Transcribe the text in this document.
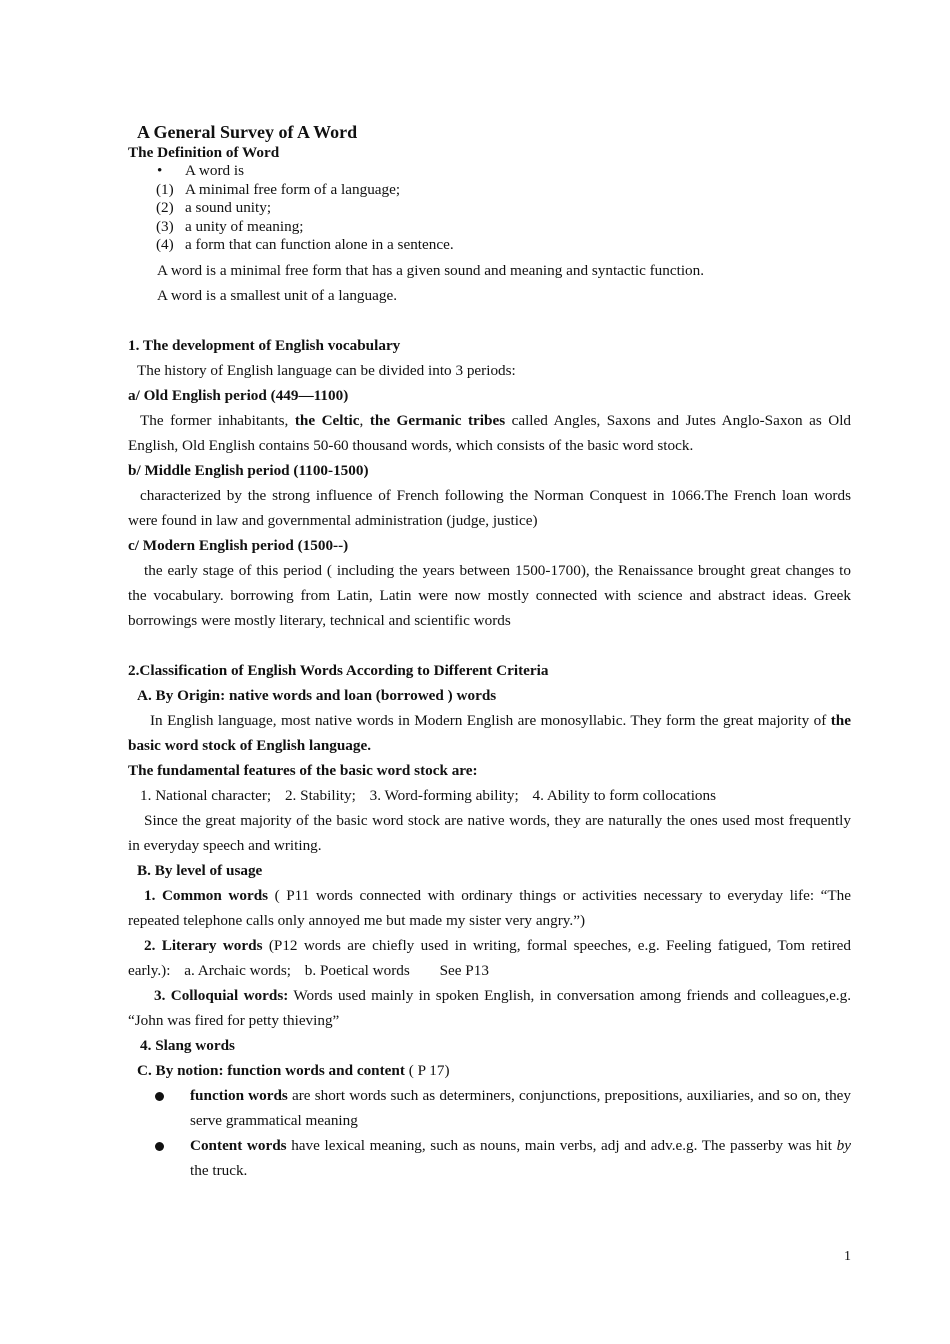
A General Survey of A Word
The Definition of Word
• A word is
(1) A minimal free form of a language;
(2) a sound unity;
(3) a unity of meaning;
(4) a form that can function alone in a sentence.
A word is a minimal free form that has a given sound and meaning and syntactic function.
A word is a smallest unit of a language.
1. The development of English vocabulary
The history of English language can be divided into 3 periods:
a/ Old English period (449—1100)
The former inhabitants, the Celtic, the Germanic tribes called Angles, Saxons and Jutes Anglo-Saxon as Old English, Old English contains 50-60 thousand words, which consists of the basic word stock.
b/ Middle English period (1100-1500)
characterized by the strong influence of French following the Norman Conquest in 1066.The French loan words were found in law and governmental administration (judge, justice)
c/ Modern English period (1500--)
the early stage of this period ( including the years between 1500-1700), the Renaissance brought great changes to the vocabulary. borrowing from Latin, Latin were now mostly connected with science and abstract ideas. Greek borrowings were mostly literary, technical and scientific words
2.Classification of English Words According to Different Criteria
A. By Origin: native words and loan (borrowed ) words
In English language, most native words in Modern English are monosyllabic. They form the great majority of the basic word stock of English language.
The fundamental features of the basic word stock are:
1. National character; 2. Stability; 3. Word-forming ability; 4. Ability to form collocations
Since the great majority of the basic word stock are native words, they are naturally the ones used most frequently in everyday speech and writing.
B. By level of usage
1. Common words ( P11 words connected with ordinary things or activities necessary to everyday life: “The repeated telephone calls only annoyed me but made my sister very angry.”)
2. Literary words (P12 words are chiefly used in writing, formal speeches, e.g. Feeling fatigued, Tom retired early.): a. Archaic words; b. Poetical words See P13
3. Colloquial words: Words used mainly in spoken English, in conversation among friends and colleagues,e.g. “John was fired for petty thieving”
4. Slang words
C. By notion: function words and content ( P 17)
function words are short words such as determiners, conjunctions, prepositions, auxiliaries, and so on, they serve grammatical meaning
Content words have lexical meaning, such as nouns, main verbs, adj and adv.e.g. The passerby was hit by the truck.
1
